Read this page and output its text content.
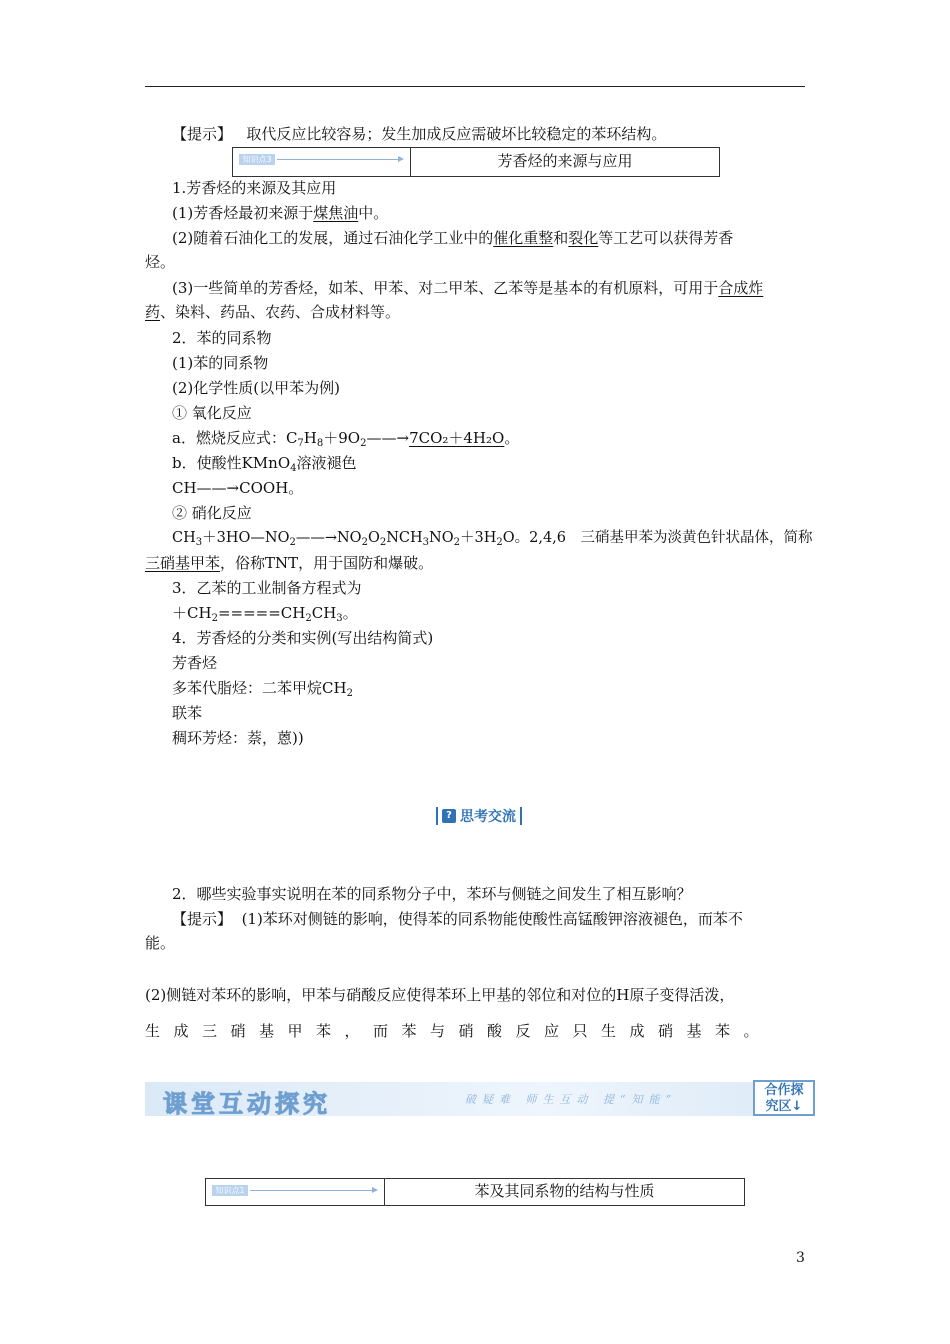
【提示】 取代反应比较容易；发生加成反应需破坏比较稳定的苯环结构。
知识点3	芳香烃的来源与应用
1.芳香烃的来源及其应用
(1)芳香烃最初来源于煤焦油中。
(2)随着石油化工的发展，通过石油化学工业中的催化重整和裂化等工艺可以获得芳香
烃。
(3)一些简单的芳香烃，如苯、甲苯、对二甲苯、乙苯等是基本的有机原料，可用于合成炸
药、染料、药品、农药、合成材料等。
2．苯的同系物
(1)苯的同系物
(2)化学性质(以甲苯为例)
① 氧化反应
a．燃烧反应式：$C_7H_8+9O_2——\to 7CO_2+4H_2O$。
b．使酸性KMnO$_4$溶液褪色
CH——→COOH。
② 硝化反应
$CH_3+3HO—NO_2——\to NO_2O_2NCH_3NO_2+3H_2O$。2,4,6　三硝基甲苯为淡黄色针状晶体，简称
三硝基甲苯，俗称TNT，用于国防和爆破。
3．乙苯的工业制备方程式为
$+CH_2=====CH_2CH_3$。
4．芳香烃的分类和实例(写出结构简式)
芳香烃
多苯代脂烃：二苯甲烷$CH_2$
联苯
稠环芳烃：萘，蒽))
? 思考交流
2．哪些实验事实说明在苯的同系物分子中，苯环与侧链之间发生了相互影响？
【提示】 (1)苯环对侧链的影响，使得苯的同系物能使酸性高锰酸钾溶液褪色，而苯不
能。
(2)侧链对苯环的影响，甲苯与硝酸反应使得苯环上甲基的邻位和对位的H原子变得活泼，
生成三硝基甲苯，而苯与硝酸反应只生成硝基苯。
课堂互动探究	破疑难 师生互动 提“知能”
合作探
究区↓
知识点1	苯及其同系物的结构与性质
3
